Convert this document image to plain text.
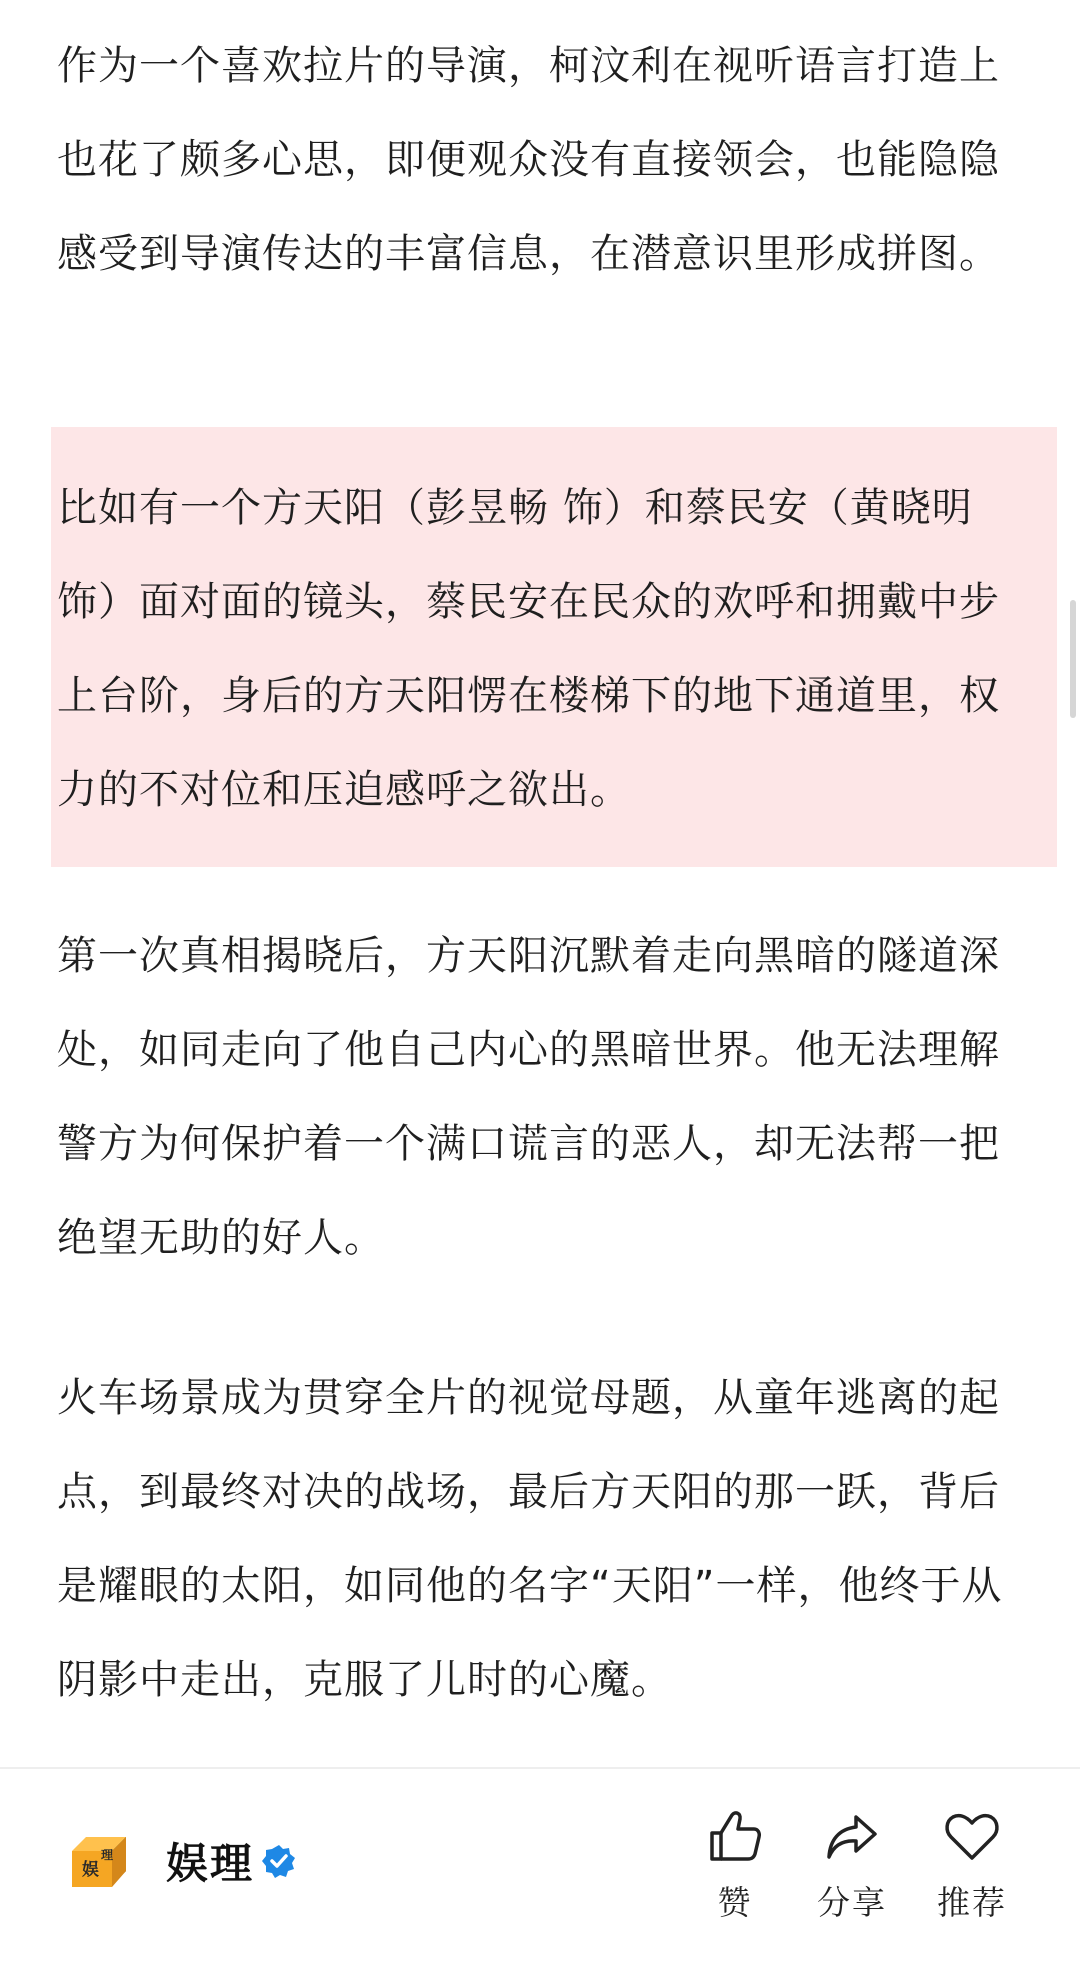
作为一个喜欢拉片的导演，柯汶利在视听语言打造上也花了颇多心思，即便观众没有直接领会，也能隐隐感受到导演传达的丰富信息，在潜意识里形成拼图。

比如有一个方天阳（彭昱畅 饰）和蔡民安（黄晓明 饰）面对面的镜头，蔡民安在民众的欢呼和拥戴中步上台阶，身后的方天阳愣在楼梯下的地下通道里，权力的不对位和压迫感呼之欲出。

第一次真相揭晓后，方天阳沉默着走向黑暗的隧道深处，如同走向了他自己内心的黑暗世界。他无法理解警方为何保护着一个满口谎言的恶人，却无法帮一把绝望无助的好人。

火车场景成为贯穿全片的视觉母题，从童年逃离的起点，到最终对决的战场，最后方天阳的那一跃，背后是耀眼的太阳，如同他的名字“天阳”一样，他终于从阴影中走出，克服了儿时的心魔。

娱
理 娱理
赞	分享	推荐
